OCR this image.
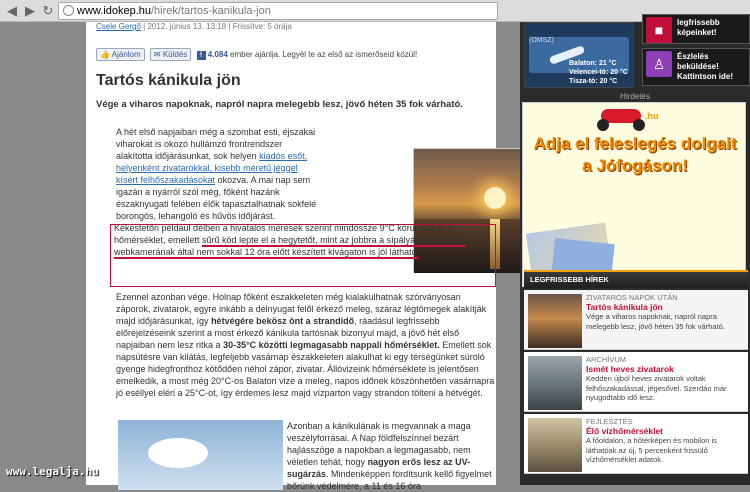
◀ ▶ ↻	www.idokep.hu/hirek/tartos-kanikula-jon
Csele Gergő | 2012. június 13. 13:18 | Frissítve: 5 órája
👍 Ajánlom ✉ Küldés f 4.084 ember ajánlja. Legyél te az első az ismerőseid közül!
Tartós kánikula jön
Vége a viharos napoknak, napról napra melegebb lesz, jövő héten 35 fok várható.
A hét első napjaiban még a szombat esti, éjszakai viharokat is okozó hullámzó frontrendszer alakította időjárásunkat, sok helyen kiadós esőt, helyenként zivatarokkal, kisebb méretű jéggel kísért felhőszakadásokat okozva. A mai nap sem igazán a nyárról szól még, főként hazánk északnyugati felében élők tapasztalhatnak sokfelé borongós, lehangoló és hűvös időjárást.
Kékestetőn például délben a hivatalos mérések szerint mindössze 9°C körül alakult a hőmérséklet, emellett sűrű köd lepte el a hegytetőt, mint az jobbra a sípályán elhelyezett webkamerának által nem sokkal 12 óra előtt készített kivágaton is jól látható.
Ezennel azonban vége. Holnap főként északkeleten még kialakulhatnak szórványosan záporok, zivatarok, egyre inkább a délnyugat felől érkező meleg, száraz légtömegek alakítják majd időjárásunkat, így hétvégére bekösz önt a strandidő, ráadásul legfrissebb előrejelzéseink szerint a most érkező kánikula tartósnak bizonyul majd, a jövő hét első napjaiban nem lesz ritka a 30-35°C közötti legmagasabb nappali hőmérséklet. Emellett sok napsütésre van kilátás, legfeljebb vasárnap északkeleten alakulhat ki egy térségünket súroló gyenge hidegfronthoz kötődően néhol zápor, zivatar. Állóvizeink hőmérséklete is jelentősen emelkedik, a most még 20°C-os Balaton vize a meleg, napos időnek köszönhetően vasárnapra jó eséllyel eléri a 25°C-ot, így érdemes lesz majd vízparton vagy strandon tölteni a hétvégét.
Azonban a kánikulának is megvannak a maga veszélyforrásai. A Nap földfelszínnel bezárt hajlásszöge a napokban a legmagasabb, nem véletlen tehát, hogy nagyon erős lesz az UV-sugárzás. Mindenképpen fordítsunk kellő figyelmet bőrünk védelmére, a 11 és 16 óra
www.legalja.hu
(OMSZ)
Balaton: 21 °C
Velencei-tó: 20 °C
Tisza-tó: 20 °C
■	legfrissebb
képeinket!
♙	Észlelés
beküldése!
Kattintson ide!
Hirdetés
.hu
Adja el feleslegés dolgait a Jófogáson!
LEGFRISSEBB HÍREK
ZIVATAROS NAPOK UTÁN
Tartós kánikula jön
Vége a viharos napoknak, napról napra melegebb lesz, jövő héten 35 fok várható.
ARCHÍVUM
Ismét heves zivatarok
Kedden újból heves zivatarok voltak felhőszakadással, jégesővel. Szerdán már nyugodtabb idő lesz.
FEJLESZTÉS
Élő vízhőmérséklet
A főoldalon, a hőtérképen és mobilon is láthatóak az új, 5 percenként frissülő vízhőmérséklet adatok.
